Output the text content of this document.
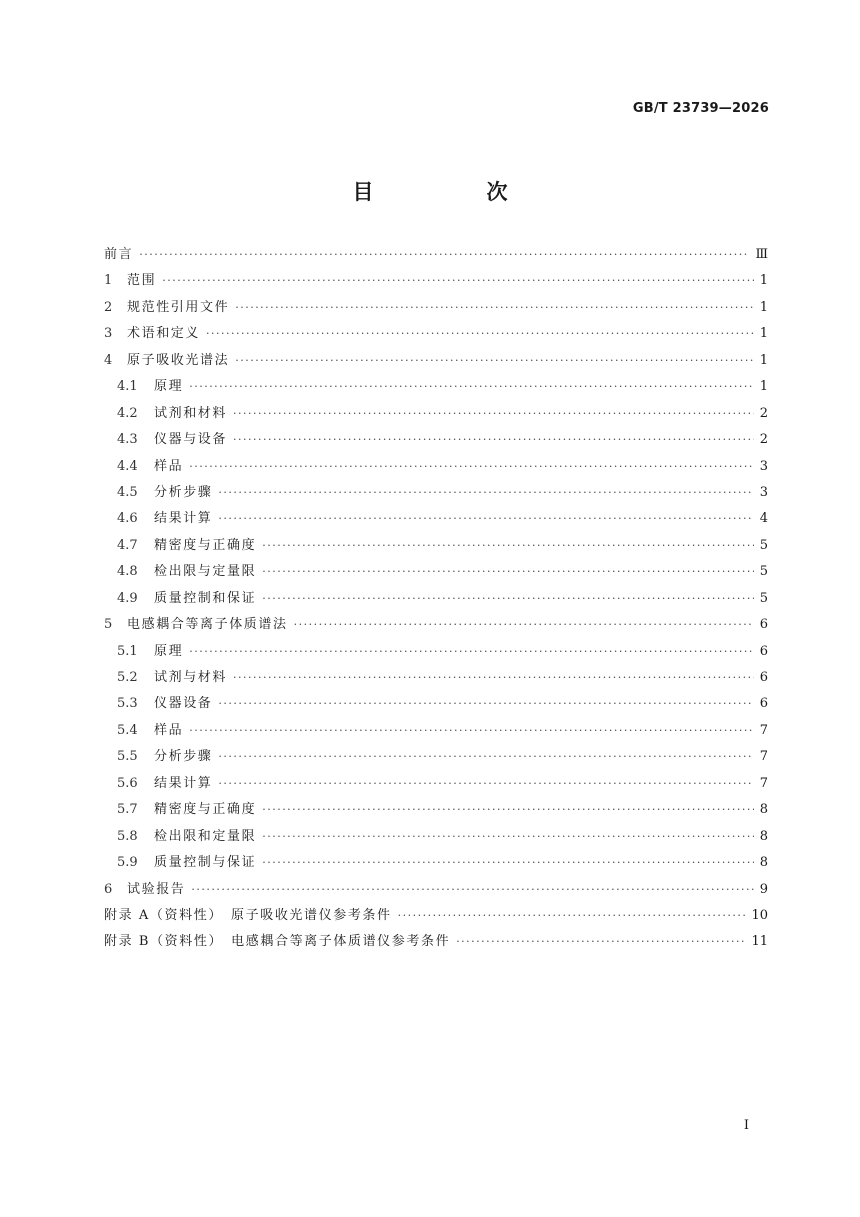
GB/T 23739—2026
目　次
前言 ·····	Ⅲ
1	范围 ·····	1
2	规范性引用文件 ·····	1
3	术语和定义 ·····	1
4	原子吸收光谱法 ·····	1
4.1	原理 ·····	1
4.2	试剂和材料 ·····	2
4.3	仪器与设备 ·····	2
4.4	样品 ·····	3
4.5	分析步骤 ·····	3
4.6	结果计算 ·····	4
4.7	精密度与正确度 ·····	5
4.8	检出限与定量限 ·····	5
4.9	质量控制和保证 ·····	5
5	电感耦合等离子体质谱法 ·····	6
5.1	原理 ·····	6
5.2	试剂与材料 ·····	6
5.3	仪器设备 ·····	6
5.4	样品 ·····	7
5.5	分析步骤 ·····	7
5.6	结果计算 ·····	7
5.7	精密度与正确度 ·····	8
5.8	检出限和定量限 ·····	8
5.9	质量控制与保证 ·····	8
6	试验报告 ·····	9
附录 A（资料性）　原子吸收光谱仪参考条件 ·····	10
附录 B（资料性）　电感耦合等离子体质谱仪参考条件 ·····	11
Ⅰ
